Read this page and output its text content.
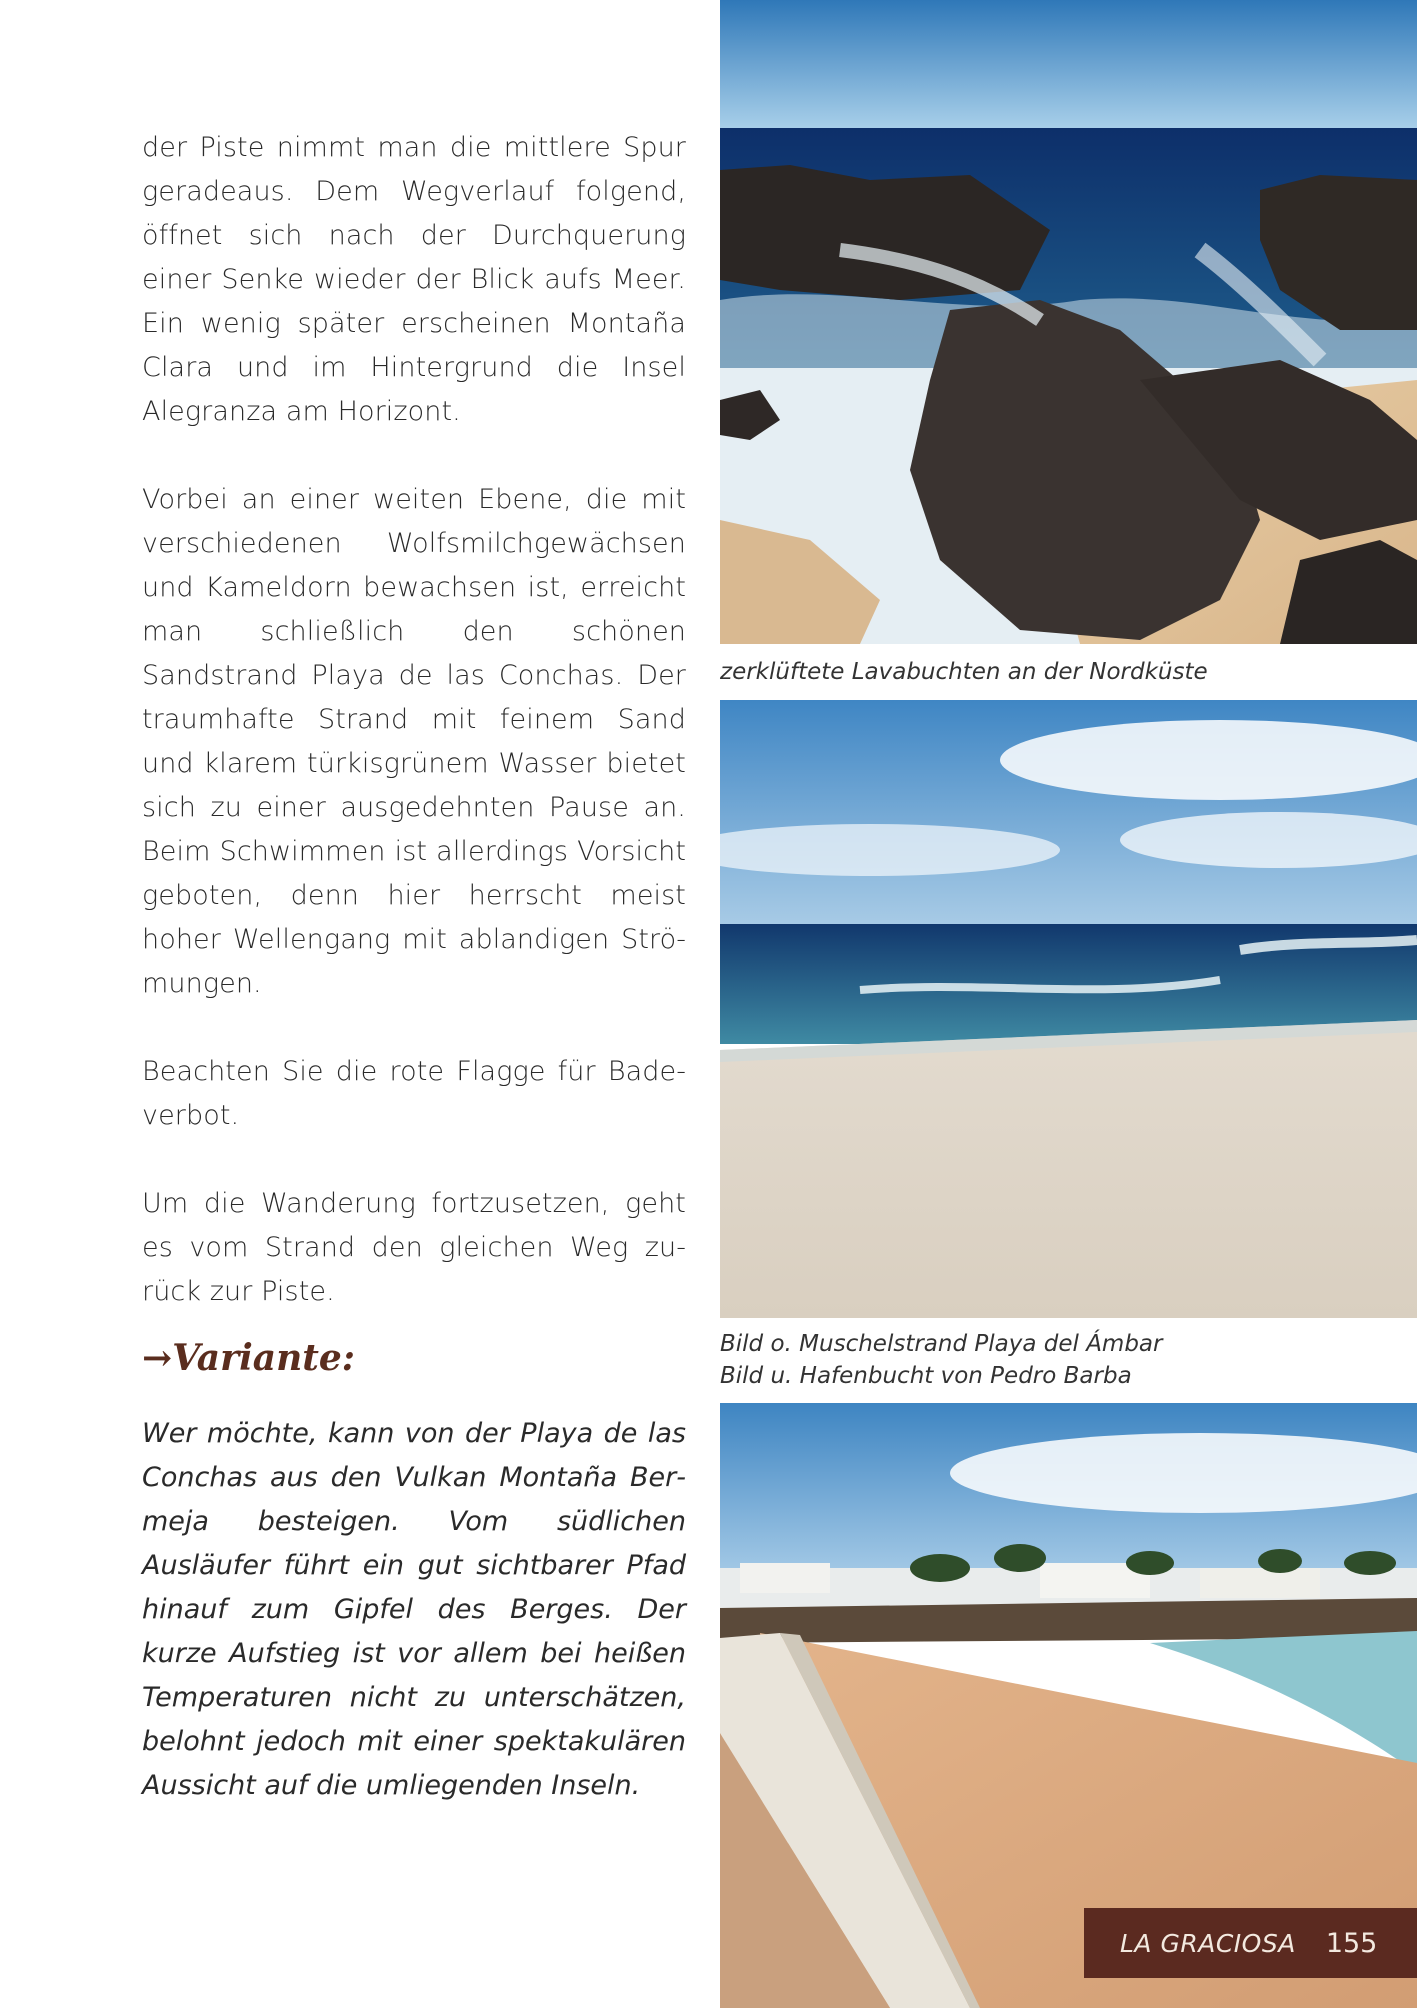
der Piste nimmt man die mittlere Spur geradeaus. Dem Wegverlauf folgend, öffnet sich nach der Durchquerung einer Senke wieder der Blick aufs Meer. Ein wenig später erscheinen Montaña Clara und im Hintergrund die Insel Alegranza am Horizont.

Vorbei an einer weiten Ebene, die mit verschiedenen Wolfsmilchgewächsen und Kameldorn bewachsen ist, erreicht man schließlich den schönen Sandstrand Playa de las Conchas. Der traumhafte Strand mit feinem Sand und klarem türkisgrünem Wasser bietet sich zu einer ausgedehnten Pause an. Beim Schwimmen ist allerdings Vorsicht geboten, denn hier herrscht meist hoher Wellengang mit ablandigen Strömungen.

Beachten Sie die rote Flagge für Badeverbot.

Um die Wanderung fortzusetzen, geht es vom Strand den gleichen Weg zurück zur Piste.

→Variante:

Wer möchte, kann von der Playa de las Conchas aus den Vulkan Montaña Bermeja besteigen. Vom südlichen Ausläufer führt ein gut sichtbarer Pfad hinauf zum Gipfel des Berges. Der kurze Aufstieg ist vor allem bei heißen Temperaturen nicht zu unterschätzen, belohnt jedoch mit einer spektakulären Aussicht auf die umliegenden Inseln.

zerklüftete Lavabuchten an der Nordküste
Bild o. Muschelstrand Playa del Ámbar
Bild u. Hafenbucht von Pedro Barba
LA GRACIOSA 155
